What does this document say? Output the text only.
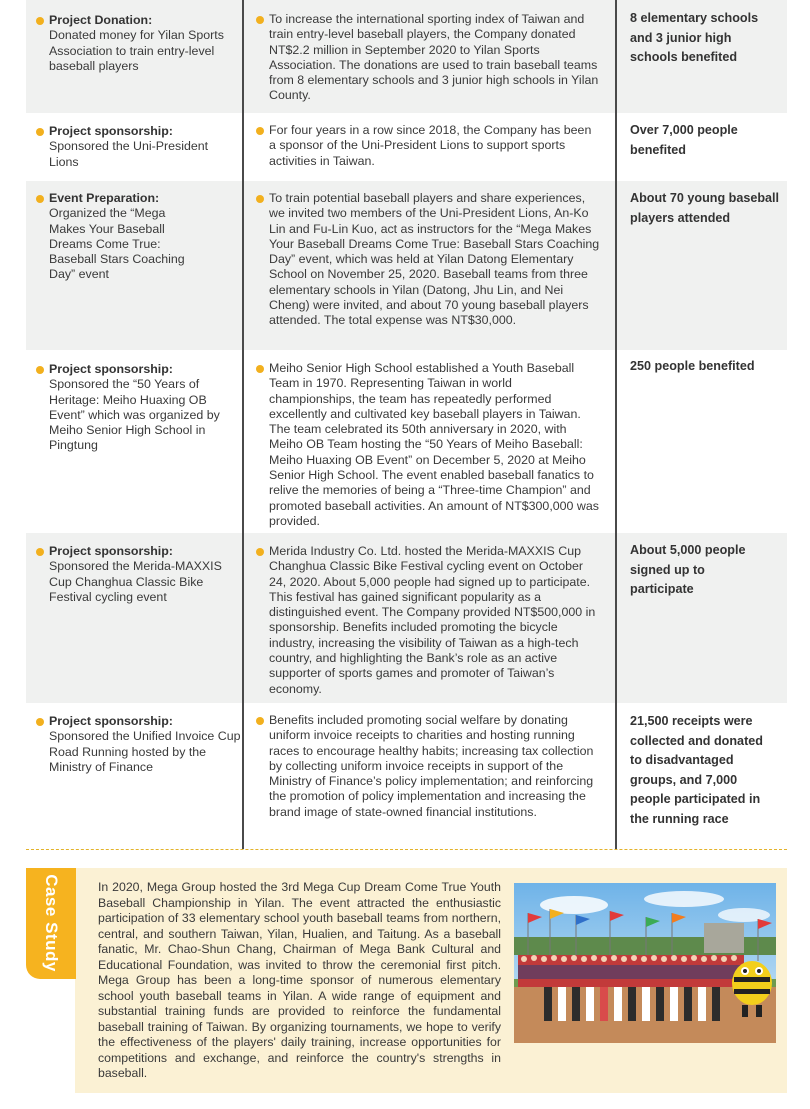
Project Donation:
Donated money for Yilan Sports Association to train entry-level baseball players
To increase the international sporting index of Taiwan and train entry-level baseball players, the Company donated NT$2.2 million in September 2020 to Yilan Sports Association. The donations are used to train baseball teams from 8 elementary schools and 3 junior high schools in Yilan County.
8 elementary schools and 3 junior high schools benefited
Project sponsorship:
Sponsored the Uni-President Lions
For four years in a row since 2018, the Company has been a sponsor of the Uni-President Lions to support sports activities in Taiwan.
Over 7,000 people benefited
Event Preparation:
Organized the “Mega Makes Your Baseball Dreams Come True: Baseball Stars Coaching Day” event
To train potential baseball players and share experiences, we invited two members of the Uni-President Lions, An-Ko Lin and Fu-Lin Kuo, act as instructors for the “Mega Makes Your Baseball Dreams Come True: Baseball Stars Coaching Day” event, which was held at Yilan Datong Elementary School on November 25, 2020. Baseball teams from three elementary schools in Yilan (Datong, Jhu Lin, and Nei Cheng) were invited, and about 70 young baseball players attended. The total expense was NT$30,000.
About 70 young baseball players attended
Project sponsorship:
Sponsored the “50 Years of Heritage: Meiho Huaxing OB Event” which was organized by Meiho Senior High School in Pingtung
Meiho Senior High School established a Youth Baseball Team in 1970. Representing Taiwan in world championships, the team has repeatedly performed excellently and cultivated key baseball players in Taiwan. The team celebrated its 50th anniversary in 2020, with Meiho OB Team hosting the “50 Years of Meiho Baseball: Meiho Huaxing OB Event” on December 5, 2020 at Meiho Senior High School. The event enabled baseball fanatics to relive the memories of being a “Three-time Champion” and promoted baseball activities. An amount of NT$300,000 was provided.
250 people benefited
Project sponsorship:
Sponsored the Merida-MAXXIS Cup Changhua Classic Bike Festival cycling event
Merida Industry Co. Ltd. hosted the Merida-MAXXIS Cup Changhua Classic Bike Festival cycling event on October 24, 2020. About 5,000 people had signed up to participate. This festival has gained significant popularity as a distinguished event. The Company provided NT$500,000 in sponsorship. Benefits included promoting the bicycle industry, increasing the visibility of Taiwan as a high-tech country, and highlighting the Bank’s role as an active supporter of sports games and promoter of Taiwan’s economy.
About 5,000 people signed up to participate
Project sponsorship:
Sponsored the Unified Invoice Cup Road Running hosted by the Ministry of Finance
Benefits included promoting social welfare by donating uniform invoice receipts to charities and hosting running races to encourage healthy habits; increasing tax collection by collecting uniform invoice receipts in support of the Ministry of Finance’s policy implementation; and reinforcing the promotion of policy implementation and increasing the brand image of state-owned financial institutions.
21,500 receipts were collected and donated to disadvantaged groups, and 7,000 people participated in the running race
Case Study	In 2020, Mega Group hosted the 3rd Mega Cup Dream Come True Youth Baseball Championship in Yilan. The event attracted the enthusiastic participation of 33 elementary school youth baseball teams from northern, central, and southern Taiwan, Yilan, Hualien, and Taitung. As a baseball fanatic, Mr. Chao-Shun Chang, Chairman of Mega Bank Cultural and Educational Foundation, was invited to throw the ceremonial first pitch. Mega Group has been a long-time sponsor of numerous elementary school youth baseball teams in Yilan. A wide range of equipment and substantial training funds are provided to reinforce the fundamental baseball training of Taiwan. By organizing tournaments, we hope to verify the effectiveness of the players' daily training, increase opportunities for competitions and exchange, and reinforce the country's strengths in baseball.
